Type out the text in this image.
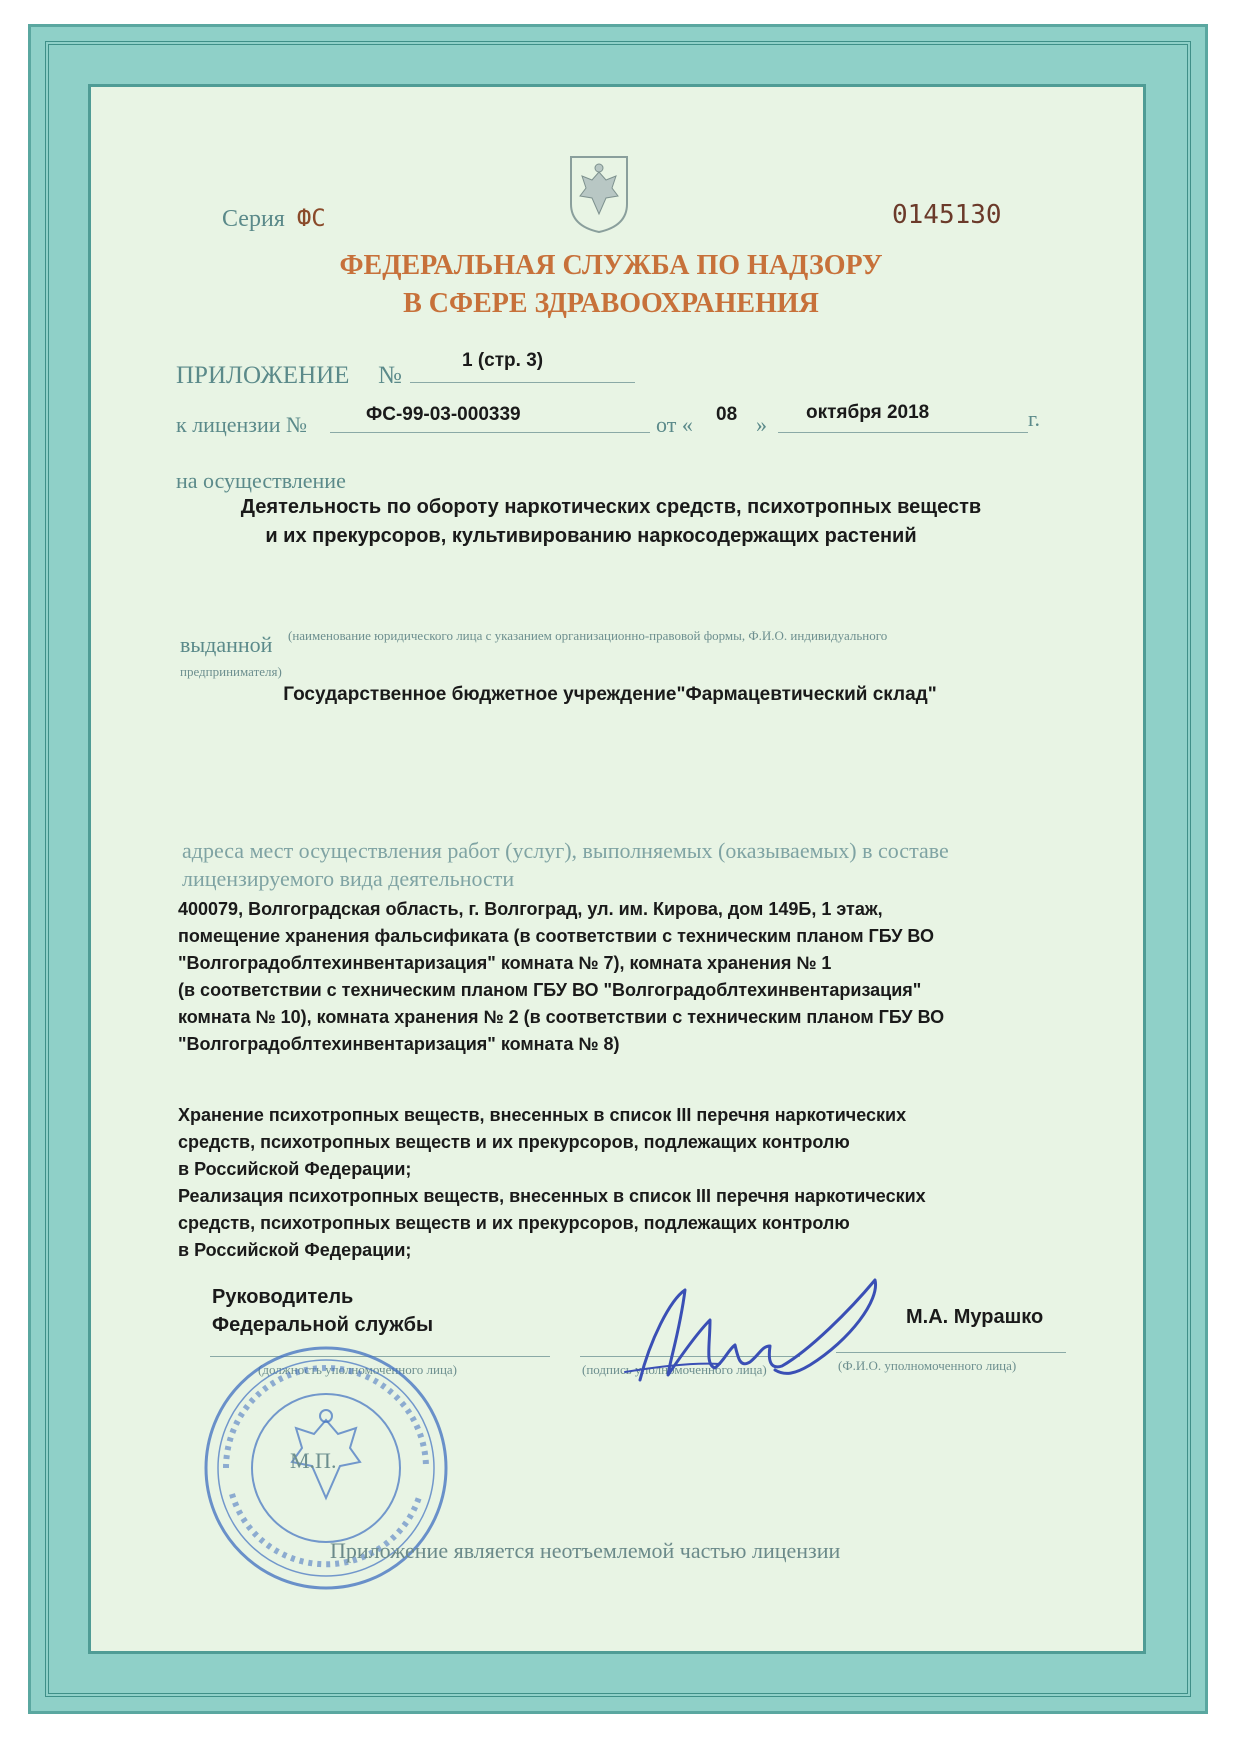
Серия ФС	0145130
ФЕДЕРАЛЬНАЯ СЛУЖБА ПО НАДЗОРУ
В СФЕРЕ ЗДРАВООХРАНЕНИЯ
ПРИЛОЖЕНИЕ №
1 (стр. 3)
к лицензии №	ФС-99-03-000339	от « 08 » октября 2018	г.
на осуществление
Деятельность по обороту наркотических средств, психотропных веществ
и их прекурсоров, культивированию наркосодержащих растений
выданной (наименование юридического лица с указанием организационно-правовой формы, Ф.И.О. индивидуального
предпринимателя)
Государственное бюджетное учреждение"Фармацевтический склад"
адреса мест осуществления работ (услуг), выполняемых (оказываемых) в составе
лицензируемого вида деятельности
400079, Волгоградская область, г. Волгоград, ул. им. Кирова, дом 149Б, 1 этаж,
помещение хранения фальсификата (в соответствии с техническим планом ГБУ ВО
"Волгоградоблтехинвентаризация" комната № 7), комната хранения № 1
(в соответствии с техническим планом ГБУ ВО "Волгоградоблтехинвентаризация"
комната № 10), комната хранения № 2 (в соответствии с техническим планом ГБУ ВО
"Волгоградоблтехинвентаризация" комната № 8)
Хранение психотропных веществ, внесенных в список III перечня наркотических
средств, психотропных веществ и их прекурсоров, подлежащих контролю
в Российской Федерации;
Реализация психотропных веществ, внесенных в список III перечня наркотических
средств, психотропных веществ и их прекурсоров, подлежащих контролю
в Российской Федерации;
Руководитель
Федеральной службы	М.А. Мурашко
(должность уполномоченного лица)	(подпись уполномоченного лица)	(Ф.И.О. уполномоченного лица)
М.П.
Приложение является неотъемлемой частью лицензии
